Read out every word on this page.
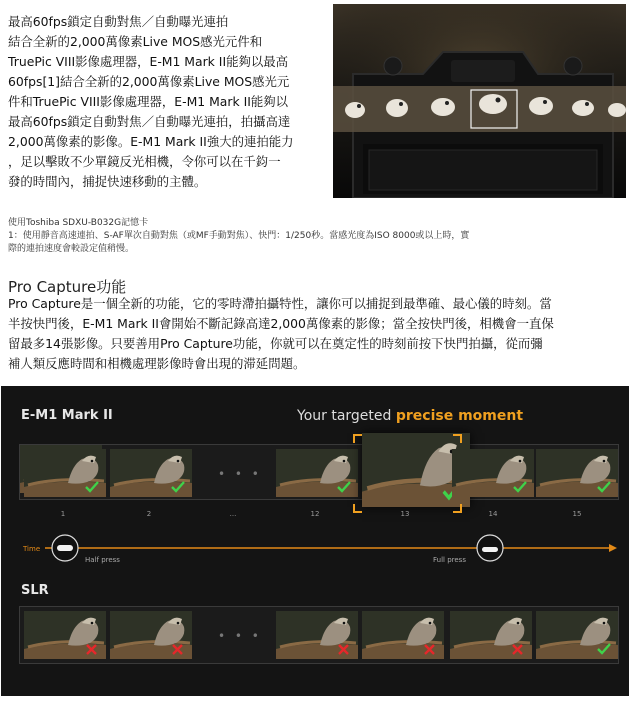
最高60fps鎖定自動對焦／自動曝光連拍

結合全新的2,000萬像素Live MOS感光元件和

TruePic VIII影像處理器，E-M1 Mark II能夠以最高

60fps[1]結合全新的2,000萬像素Live MOS感光元

件和TruePic VIII影像處理器，E-M1 Mark II能夠以

最高60fps鎖定自動對焦／自動曝光連拍，拍攝高達

2,000萬像素的影像。E-M1 Mark II強大的連拍能力

，足以擊敗不少單鏡反光相機，令你可以在千鈞一

發的時間內，捕捉快速移動的主體。

使用Toshiba SDXU-B032G記憶卡
1：使用靜音高速連拍、S-AF單次自動對焦（或MF手動對焦）、快門：1/250秒。當感光度為ISO 8000或以上時，實
際的連拍速度會較設定值稍慢。
Pro Capture功能
Pro Capture是一個全新的功能，它的零時滯拍攝特性，讓你可以捕捉到最準確、最心儀的時刻。當
半按快門後，E-M1 Mark II會開始不斷記錄高達2,000萬像素的影像；當全按快門後，相機會一直保
留最多14張影像。只要善用Pro Capture功能，你就可以在奠定性的時刻前按下快門拍攝，從而彌
補人類反應時間和相機處理影像時會出現的滞延問題。
E-M1 Mark II	Your targeted precise moment
• • •
1	2	...	12	13	14	15
Time
Half press	Full press
SLR
• • •
